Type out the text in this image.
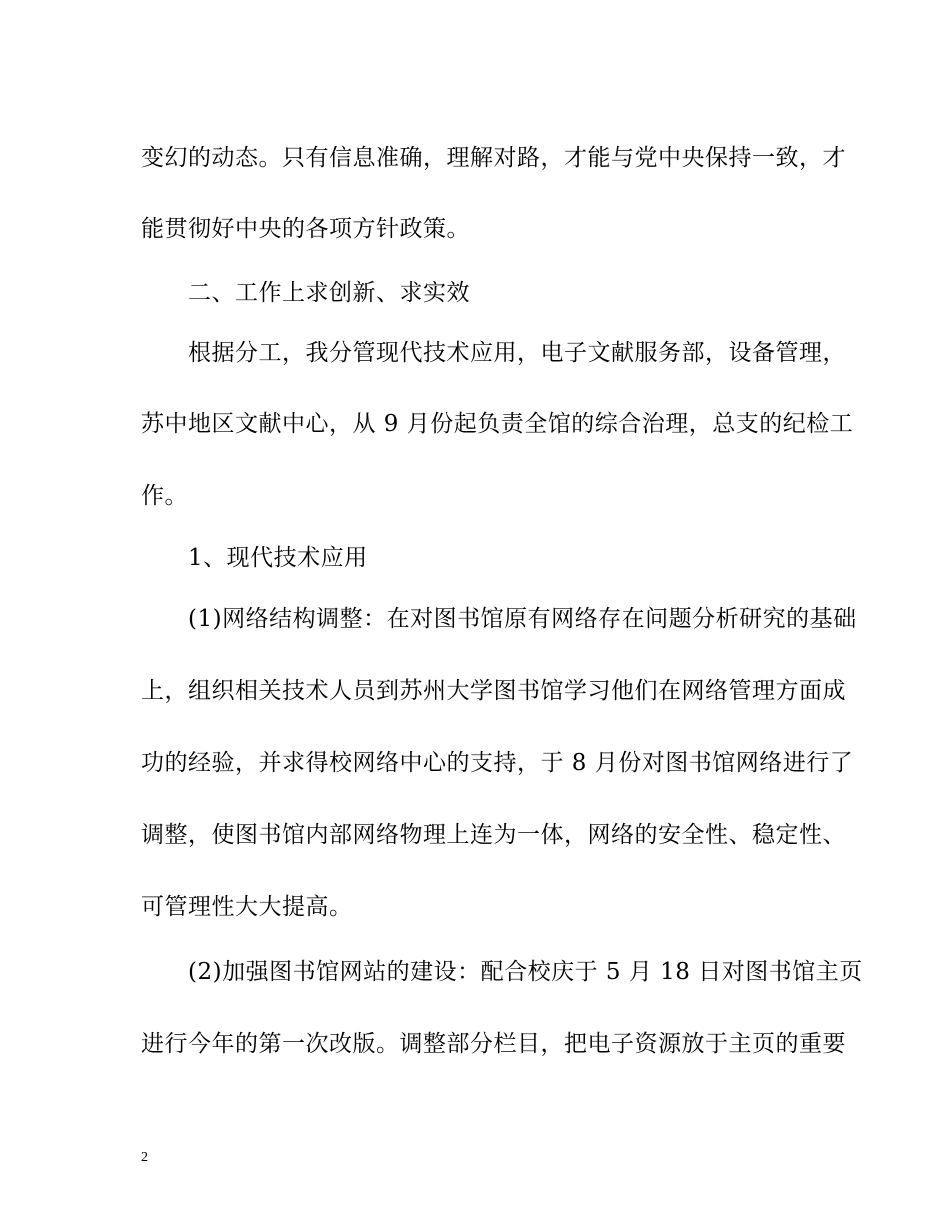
变幻的动态。只有信息准确，理解对路，才能与党中央保持一致，才
能贯彻好中央的各项方针政策。
二、工作上求创新、求实效
根据分工，我分管现代技术应用，电子文献服务部，设备管理，
苏中地区文献中心，从 9 月份起负责全馆的综合治理，总支的纪检工
作。
1、现代技术应用
(1)网络结构调整：在对图书馆原有网络存在问题分析研究的基础
上，组织相关技术人员到苏州大学图书馆学习他们在网络管理方面成
功的经验，并求得校网络中心的支持，于 8 月份对图书馆网络进行了
调整，使图书馆内部网络物理上连为一体，网络的安全性、稳定性、
可管理性大大提高。
(2)加强图书馆网站的建设：配合校庆于 5 月 18 日对图书馆主页
进行今年的第一次改版。调整部分栏目，把电子资源放于主页的重要
2
